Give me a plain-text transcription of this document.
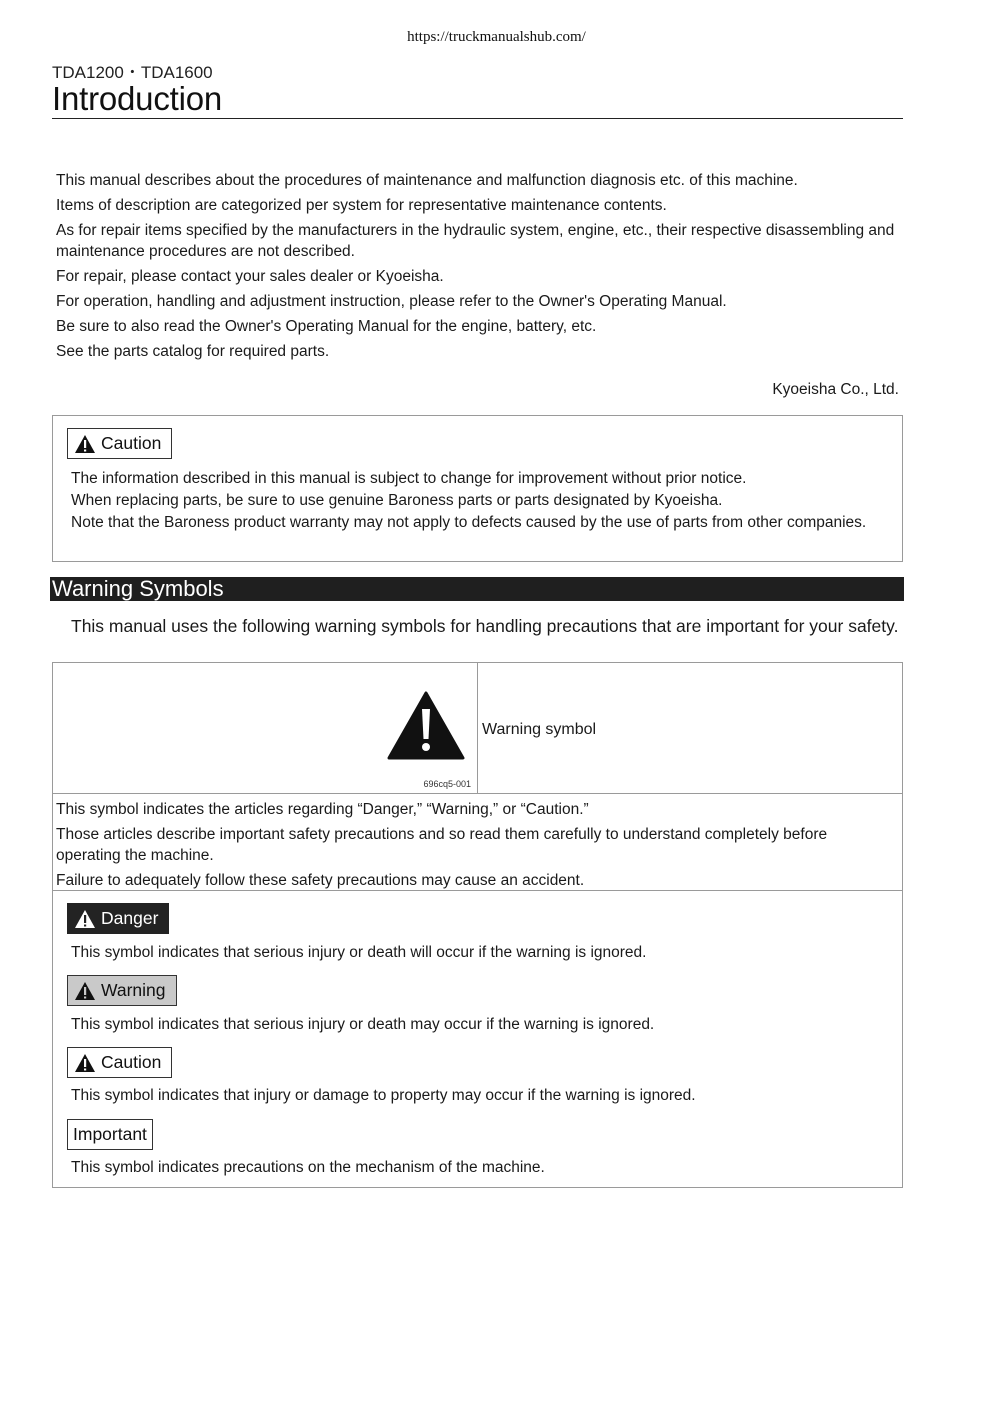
https://truckmanualshub.com/
TDA1200・TDA1600
Introduction

This manual describes about the procedures of maintenance and malfunction diagnosis etc. of this machine.

Items of description are categorized per system for representative maintenance contents.

As for repair items specified by the manufacturers in the hydraulic system, engine, etc., their respective disassembling and maintenance procedures are not described.

For repair, please contact your sales dealer or Kyoeisha.

For operation, handling and adjustment instruction, please refer to the Owner's Operating Manual.

Be sure to also read the Owner's Operating Manual for the engine, battery, etc.

See the parts catalog for required parts.

Kyoeisha Co., Ltd.
Caution
The information described in this manual is subject to change for improvement without prior notice.
When replacing parts, be sure to use genuine Baroness parts or parts designated by Kyoeisha.
Note that the Baroness product warranty may not apply to defects caused by the use of parts from other companies.
Warning Symbols
This manual uses the following warning symbols for handling precautions that are important for your safety.
696cq5-001
Warning symbol

This symbol indicates the articles regarding “Danger,” “Warning,” or “Caution.”

Those articles describe important safety precautions and so read them carefully to understand completely before operating the machine.

Failure to adequately follow these safety precautions may cause an accident.

Danger
This symbol indicates that serious injury or death will occur if the warning is ignored.
Warning
This symbol indicates that serious injury or death may occur if the warning is ignored.
Caution
This symbol indicates that injury or damage to property may occur if the warning is ignored.
Important
This symbol indicates precautions on the mechanism of the machine.
